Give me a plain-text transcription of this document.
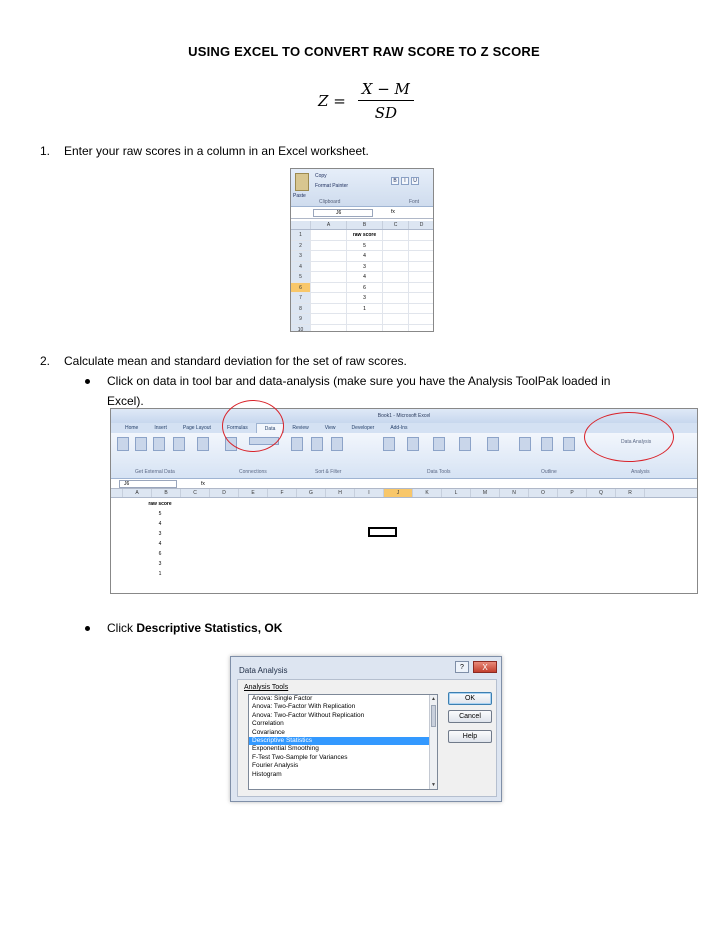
USING EXCEL TO CONVERT RAW SCORE TO Z SCORE
$Z = \frac{X - M}{SD}$
1. Enter your raw scores in a column in an Excel worksheet.
Paste
Copy
Format Painter
B	I	U
Clipboard	Font
J6	fx
A	B	C	D
1	raw score
2	5
3	4
4	3
5	4
6	6
7	3
8	1
9
10
2. Calculate mean and standard deviation for the set of raw scores.
Click on data in tool bar and data-analysis (make sure you have the Analysis ToolPak loaded in
Excel).
Book1 - Microsoft Excel
Home	Insert	Page Layout	Formulas	Data	Review	View	Developer	Add-Ins
Data Analysis
Get External Data	Connections	Sort & Filter	Data Tools	Outline	Analysis
J6	fx
A	B	C	D	E	F	G	H	I	J	K	L	M	N	O	P	Q	R
raw score
5
4
3
4
6
3
1
Click Descriptive Statistics, OK
Data Analysis	?	X
Analysis Tools
Anova: Single Factor
Anova: Two-Factor With Replication
Anova: Two-Factor Without Replication
Correlation
Covariance
Descriptive Statistics
Exponential Smoothing
F-Test Two-Sample for Variances
Fourier Analysis
Histogram
▲
▼
OK
Cancel
Help
